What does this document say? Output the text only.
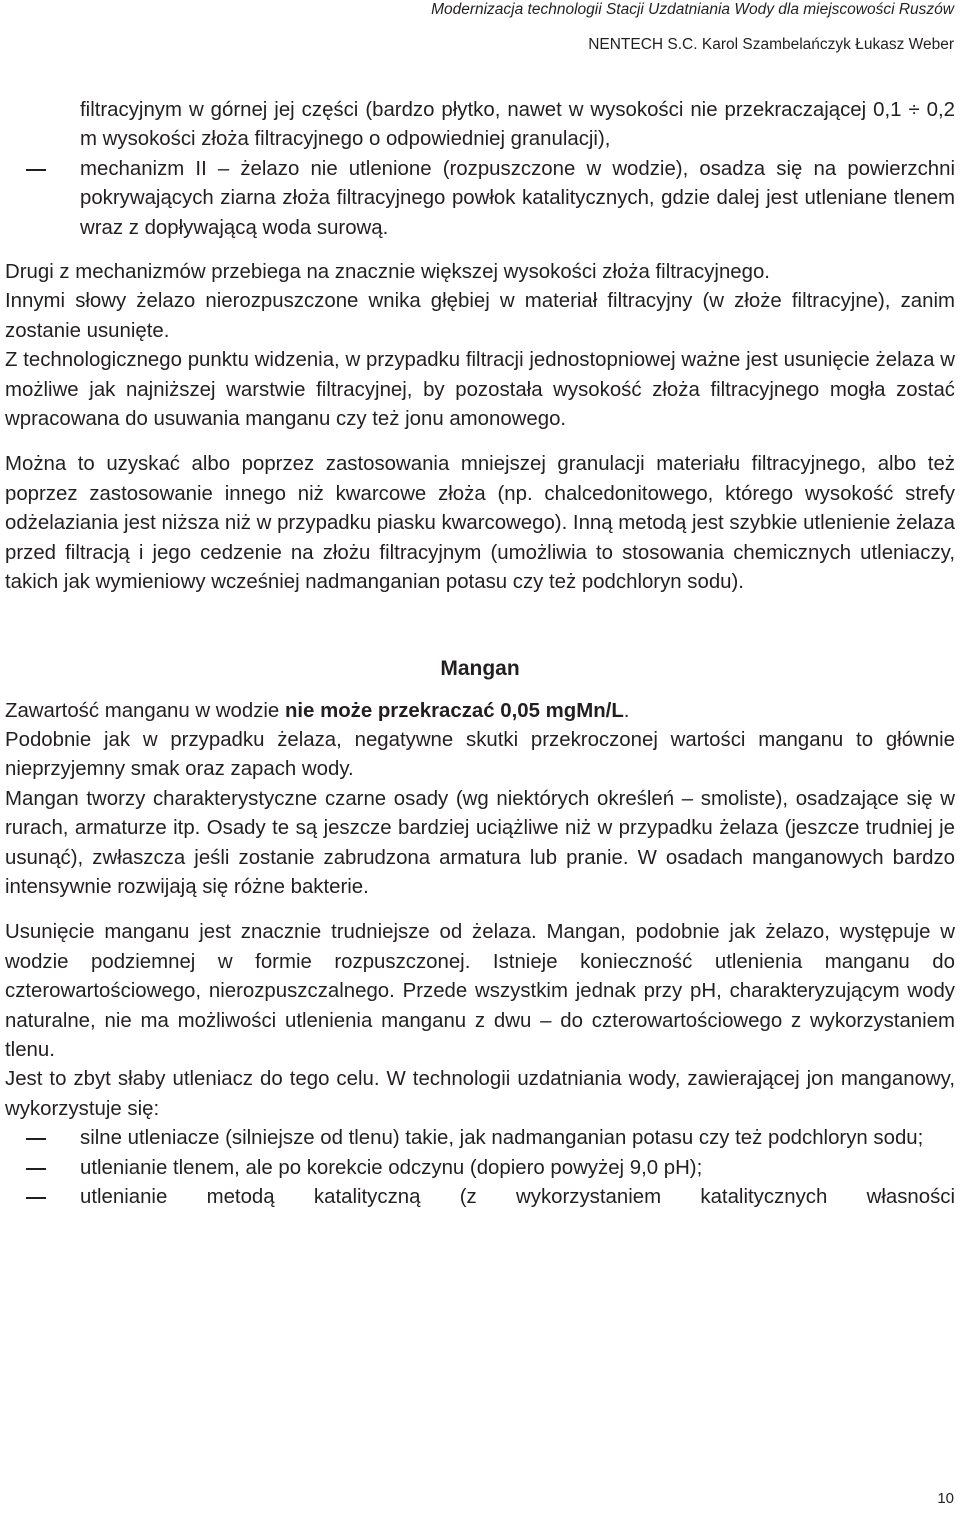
Modernizacja technologii Stacji Uzdatniania Wody dla miejscowości Ruszów
NENTECH S.C. Karol Szambelańczyk Łukasz Weber

filtracyjnym w górnej jej części (bardzo płytko, nawet w wysokości nie przekraczającej 0,1 ÷ 0,2 m wysokości złoża filtracyjnego o odpowiedniej granulacji),

mechanizm II – żelazo nie utlenione (rozpuszczone w wodzie), osadza się na powierzchni pokrywających ziarna złoża filtracyjnego powłok katalitycznych, gdzie dalej jest utleniane tlenem wraz z dopływającą woda surową.

Drugi z mechanizmów przebiega na znacznie większej wysokości złoża filtracyjnego.

Innymi słowy żelazo nierozpuszczone wnika głębiej w materiał filtracyjny (w złoże filtracyjne), zanim zostanie usunięte.

Z technologicznego punktu widzenia, w przypadku filtracji jednostopniowej ważne jest usunięcie żelaza w możliwe jak najniższej warstwie filtracyjnej, by pozostała wysokość złoża filtracyjnego mogła zostać wpracowana do usuwania manganu czy też jonu amonowego.

Można to uzyskać albo poprzez zastosowania mniejszej granulacji materiału filtracyjnego, albo też poprzez zastosowanie innego niż kwarcowe złoża (np. chalcedonitowego, którego wysokość strefy odżelaziania jest niższa niż w przypadku piasku kwarcowego). Inną metodą jest szybkie utlenienie żelaza przed filtracją i jego cedzenie na złożu filtracyjnym (umożliwia to stosowania chemicznych utleniaczy, takich jak wymieniowy wcześniej nadmanganian potasu czy też podchloryn sodu).

Mangan

Zawartość manganu w wodzie nie może przekraczać 0,05 mgMn/L.

Podobnie jak w przypadku żelaza, negatywne skutki przekroczonej wartości manganu to głównie nieprzyjemny smak oraz zapach wody.

Mangan tworzy charakterystyczne czarne osady (wg niektórych określeń – smoliste), osadzające się w rurach, armaturze itp. Osady te są jeszcze bardziej uciążliwe niż w przypadku żelaza (jeszcze trudniej je usunąć), zwłaszcza jeśli zostanie zabrudzona armatura lub pranie. W osadach manganowych bardzo intensywnie rozwijają się różne bakterie.

Usunięcie manganu jest znacznie trudniejsze od żelaza. Mangan, podobnie jak żelazo, występuje w wodzie podziemnej w formie rozpuszczonej. Istnieje konieczność utlenienia manganu do czterowartościowego, nierozpuszczalnego. Przede wszystkim jednak przy pH, charakteryzującym wody naturalne, nie ma możliwości utlenienia manganu z dwu – do czterowartościowego z wykorzystaniem tlenu.

Jest to zbyt słaby utleniacz do tego celu. W technologii uzdatniania wody, zawierającej jon manganowy, wykorzystuje się:

silne utleniacze (silniejsze od tlenu) takie, jak nadmanganian potasu czy też podchloryn sodu;

utlenianie tlenem, ale po korekcie odczynu (dopiero powyżej 9,0 pH);

utlenianie metodą katalityczną (z wykorzystaniem katalitycznych własności

10
